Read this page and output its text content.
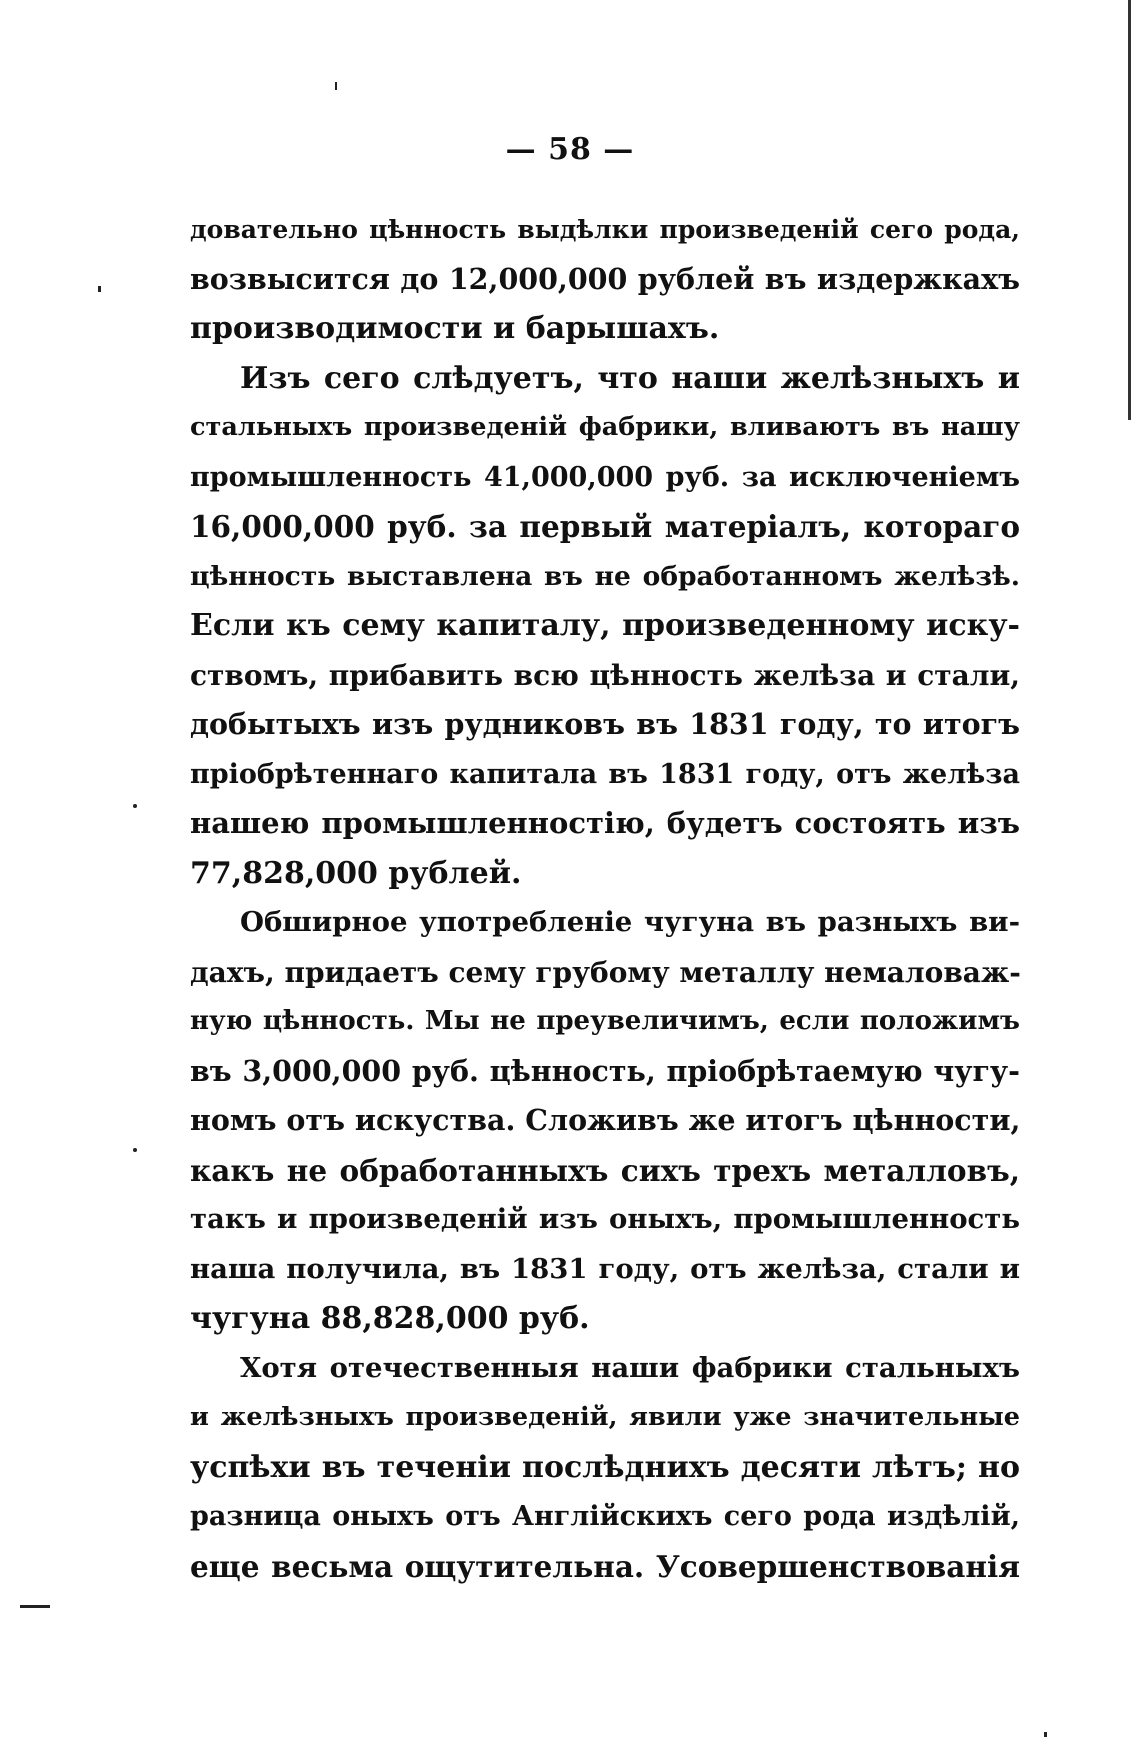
— 58 —
довательно цѣнность выдѣлки произведеній сего рода,
возвысится до 12,000,000 рублей въ издержкахъ
производимости и барышахъ.
Изъ сего слѣдуетъ, что наши желѣзныхъ и
стальныхъ произведеній фабрики, вливаютъ въ нашу
промышленность 41,000,000 руб. за исключеніемъ
16,000,000 руб. за первый матеріалъ, котораго
цѣнность выставлена въ не обработанномъ желѣзѣ.
Если къ сему капиталу, произведенному иску-
ствомъ, прибавить всю цѣнность желѣза и стали,
добытыхъ изъ рудниковъ въ 1831 году, то итогъ
пріобрѣтеннаго капитала въ 1831 году, отъ желѣза
нашею промышленностію, будетъ состоять изъ
77,828,000 рублей.
Обширное употребленіе чугуна въ разныхъ ви-
дахъ, придаетъ сему грубому металлу немаловаж-
ную цѣнность. Мы не преувеличимъ, если положимъ
въ 3,000,000 руб. цѣнность, пріобрѣтаемую чугу-
номъ отъ искуства. Сложивъ же итогъ цѣнности,
какъ не обработанныхъ сихъ трехъ металловъ,
такъ и произведеній изъ оныхъ, промышленность
наша получила, въ 1831 году, отъ желѣза, стали и
чугуна 88,828,000 руб.
Хотя отечественныя наши фабрики стальныхъ
и желѣзныхъ произведеній, явили уже значительные
успѣхи въ теченіи послѣднихъ десяти лѣтъ; но
разница оныхъ отъ Англійскихъ сего рода издѣлій,
еще весьма ощутительна. Усовершенствованія
